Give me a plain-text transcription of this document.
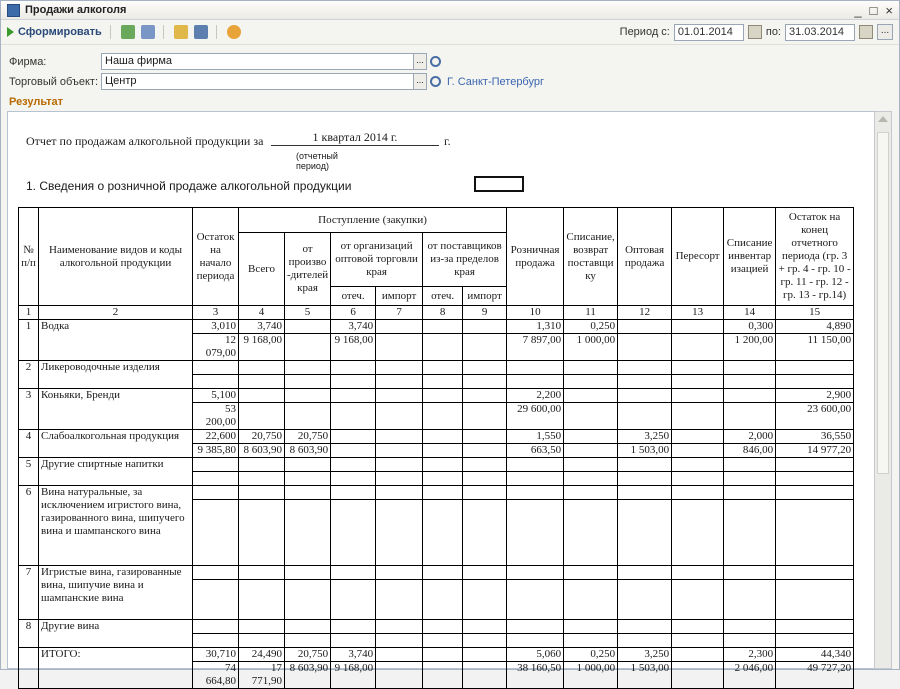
Продажи алкоголя	_ □ ×
Сформировать	Период с: 01.01.2014	по: 31.03.2014	...
Фирма:	Наша фирма	...
Торговый объект: Центр	... Г. Санкт-Петербург
Результат
Отчет по продажам алкогольной продукции за	1 квартал 2014 г.	г.
(отчетный период)
1. Сведения о розничной продаже алкогольной продукции
№ п/п	Наименование видов и коды алкогольной продукции	Остаток на начало периода	Поступление (закупки)						Розничная продажа	Списание, возврат поставщи ку	Оптовая продажа	Пересорт	Списание инвентар изацией	Остаток на конец отчетного периода (гр. 3 + гр. 4 - гр. 10 - гр. 11 - гр. 12 - гр. 13 - гр.14)
			Всего	от произво -дителей края	от организаций оптовой торговли края		от поставщиков из-за пределов края							
					отеч.	импорт	отеч.	импорт						
1	2	3	4	5	6	7	8	9	10	11	12	13	14	15
1	Водка	3,010	3,740		3,740				1,310	0,250			0,300	4,890
		12 079,00	9 168,00		9 168,00				7 897,00	1 000,00			1 200,00	11 150,00
2	Ликероводочные изделия													

3	Коньяки, Бренди	5,100							2,200					2,900
		53 200,00							29 600,00					23 600,00
4	Слабоалкогольная продукция	22,600	20,750	20,750					1,550		3,250		2,000	36,550
		9 385,80	8 603,90	8 603,90					663,50		1 503,00		846,00	14 977,20
5	Другие спиртные напитки													

6	Вина натуральные, за исключением игристого вина, газированного вина, шипучего вина и шампанского вина													

7	Игристые вина, газированные вина, шипучие вина и шампанские вина													

8	Другие вина													

	ИТОГО:	30,710	24,490	20,750	3,740				5,060	0,250	3,250		2,300	44,340
		74 664,80	17 771,90	8 603,90	9 168,00				38 160,50	1 000,00	1 503,00		2 046,00	49 727,20
